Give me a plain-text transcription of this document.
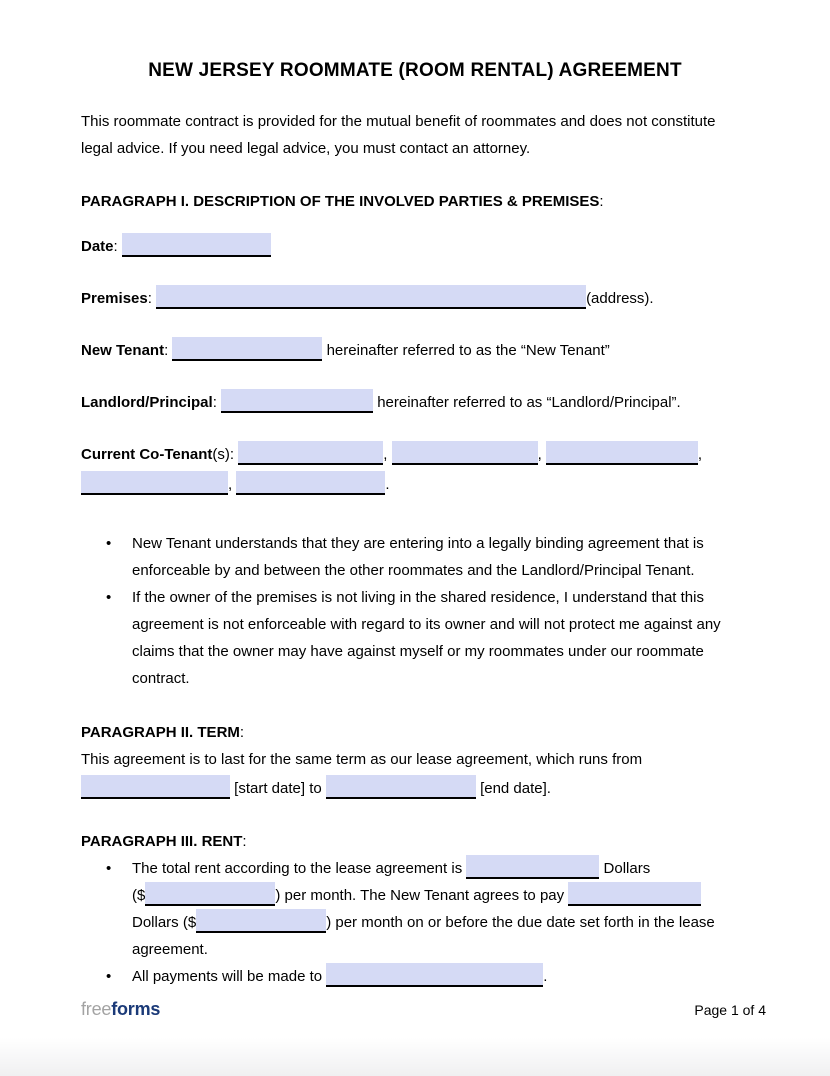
NEW JERSEY ROOMMATE (ROOM RENTAL) AGREEMENT
This roommate contract is provided for the mutual benefit of roommates and does not constitute
legal advice. If you need legal advice, you must contact an attorney.
PARAGRAPH I. DESCRIPTION OF THE INVOLVED PARTIES & PREMISES:
Date:
Premises:	(address).
New Tenant:	hereinafter referred to as the “New Tenant”
Landlord/Principal:	hereinafter referred to as “Landlord/Principal”.
Current Co-Tenant(s):	,	,	,
,	.
• New Tenant understands that they are entering into a legally binding agreement that is
enforceable by and between the other roommates and the Landlord/Principal Tenant.
• If the owner of the premises is not living in the shared residence, I understand that this
agreement is not enforceable with regard to its owner and will not protect me against any
claims that the owner may have against myself or my roommates under our roommate
contract.
PARAGRAPH II. TERM:
This agreement is to last for the same term as our lease agreement, which runs from
[start date] to	[end date].
PARAGRAPH III. RENT:
• The total rent according to the lease agreement is	Dollars
($	) per month. The New Tenant agrees to pay
Dollars ($	) per month on or before the due date set forth in the lease
agreement.
• All payments will be made to	.
freeforms	Page 1 of 4
